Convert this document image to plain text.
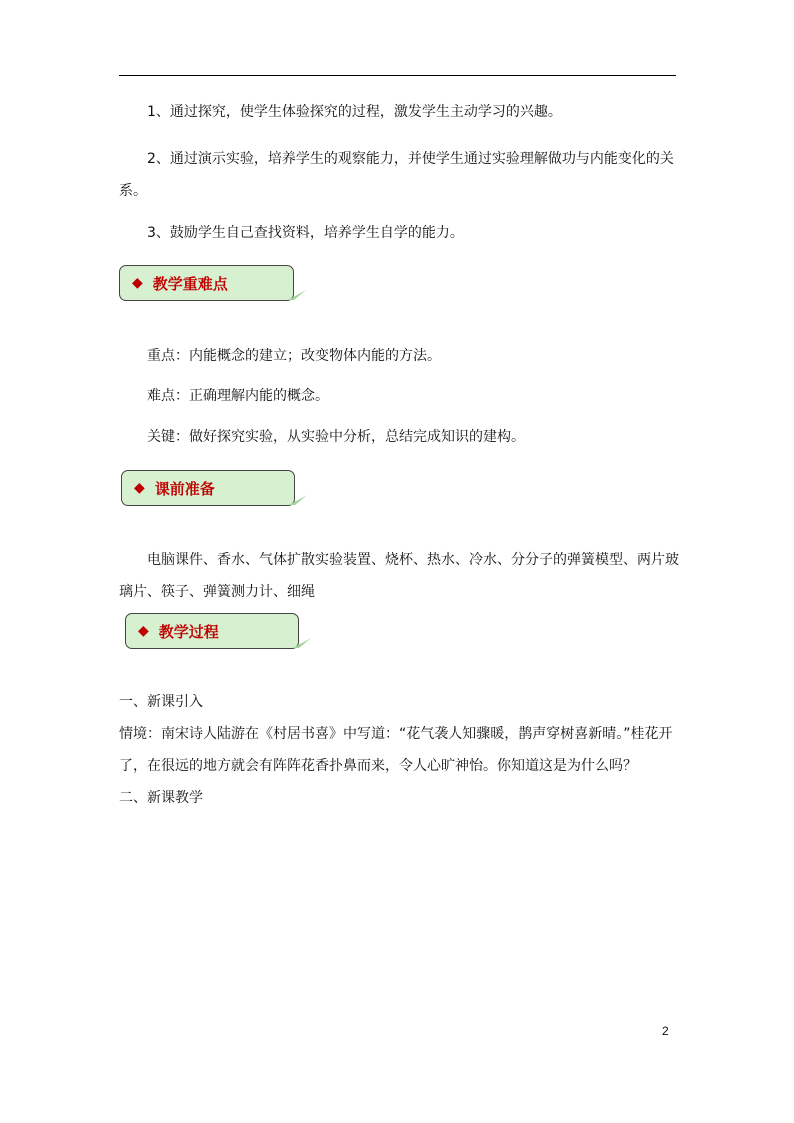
1、通过探究，使学生体验探究的过程，激发学生主动学习的兴趣。

2、通过演示实验，培养学生的观察能力，并使学生通过实验理解做功与内能变化的关系。

3、鼓励学生自己查找资料，培养学生自学的能力。

◆ 教学重难点

重点：内能概念的建立；改变物体内能的方法。

难点：正确理解内能的概念。

关键：做好探究实验，从实验中分析，总结完成知识的建构。

◆ 课前准备

电脑课件、香水、气体扩散实验装置、烧杯、热水、冷水、分分子的弹簧模型、两片玻璃片、筷子、弹簧测力计、细绳

◆ 教学过程

一、新课引入

情境：南宋诗人陆游在《村居书喜》中写道：“花气袭人知骤暖，鹊声穿树喜新晴。”桂花开了，在很远的地方就会有阵阵花香扑鼻而来，令人心旷神怡。你知道这是为什么吗？

二、新课教学

2
